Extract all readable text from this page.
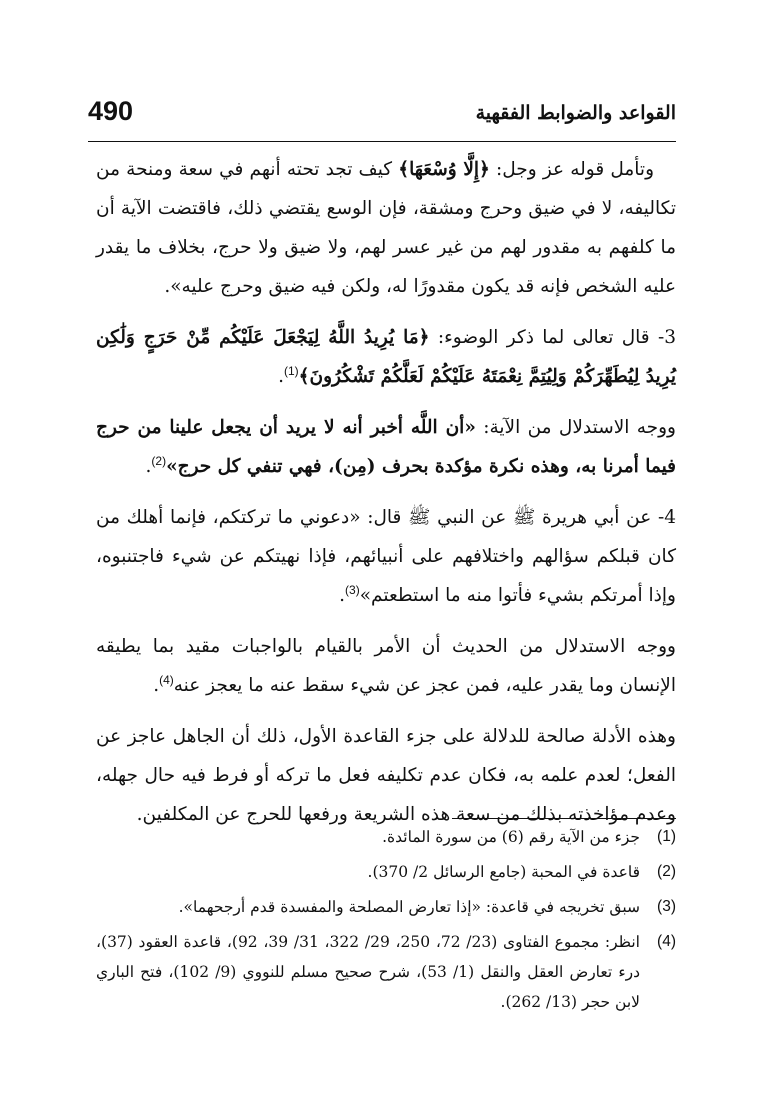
القواعد والضوابط الفقهية
490

وتأمل قوله عز وجل: ﴿إِلَّا وُسْعَهَا﴾ كيف تجد تحته أنهم في سعة ومنحة من تكاليفه، لا في ضيق وحرج ومشقة، فإن الوسع يقتضي ذلك، فاقتضت الآية أن ما كلفهم به مقدور لهم من غير عسر لهم، ولا ضيق ولا حرج، بخلاف ما يقدر عليه الشخص فإنه قد يكون مقدورًا له، ولكن فيه ضيق وحرج عليه».

3- قال تعالى لما ذكر الوضوء: ﴿مَا يُرِيدُ اللَّهُ لِيَجْعَلَ عَلَيْكُم مِّنْ حَرَجٍ وَلَٰكِن يُرِيدُ لِيُطَهِّرَكُمْ وَلِيُتِمَّ نِعْمَتَهُ عَلَيْكُمْ لَعَلَّكُمْ تَشْكُرُونَ﴾$^{(1)}$.

ووجه الاستدلال من الآية: «أن اللَّه أخبر أنه لا يريد أن يجعل علينا من حرج فيما أمرنا به، وهذه نكرة مؤكدة بحرف (مِن)، فهي تنفي كل حرج»$^{(2)}$.

4- عن أبي هريرة ﷺ عن النبي ﷺ قال: «دعوني ما تركتكم، فإنما أهلك من كان قبلكم سؤالهم واختلافهم على أنبيائهم، فإذا نهيتكم عن شيء فاجتنبوه، وإذا أمرتكم بشيء فأتوا منه ما استطعتم»$^{(3)}$.

ووجه الاستدلال من الحديث أن الأمر بالقيام بالواجبات مقيد بما يطيقه الإنسان وما يقدر عليه، فمن عجز عن شيء سقط عنه ما يعجز عنه$^{(4)}$.

وهذه الأدلة صالحة للدلالة على جزء القاعدة الأول، ذلك أن الجاهل عاجز عن الفعل؛ لعدم علمه به، فكان عدم تكليفه فعل ما تركه أو فرط فيه حال جهله، وعدم مؤاخذته بذلك من سعة هذه الشريعة ورفعها للحرج عن المكلفين.

(1)
جزء من الآية رقم (6) من سورة المائدة.

(2)
قاعدة في المحبة (جامع الرسائل 2/ 370).

(3)
سبق تخريجه في قاعدة: «إذا تعارض المصلحة والمفسدة قدم أرجحهما».

(4)
انظر: مجموع الفتاوى (23/ 72، 250، 29/ 322، 31/ 39، 92)، قاعدة العقود (37)، درء تعارض العقل والنقل (1/ 53)، شرح صحيح مسلم للنووي (9/ 102)، فتح الباري لابن حجر (13/ 262).
